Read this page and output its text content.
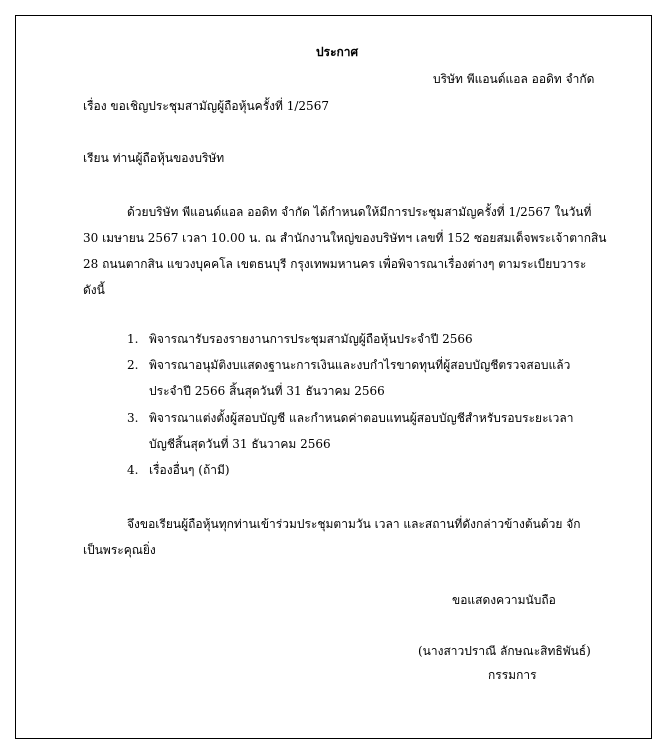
ประกาศ
บริษัท พีแอนด์แอล ออดิท จำกัด
เรื่อง ขอเชิญประชุมสามัญผู้ถือหุ้นครั้งที่ 1/2567
เรียน ท่านผู้ถือหุ้นของบริษัท
ด้วยบริษัท พีแอนด์แอล ออดิท จำกัด ได้กำหนดให้มีการประชุมสามัญครั้งที่ 1/2567 ในวันที่
30 เมษายน 2567 เวลา 10.00 น. ณ สำนักงานใหญ่ของบริษัทฯ เลขที่ 152 ซอยสมเด็จพระเจ้าตากสิน
28 ถนนตากสิน แขวงบุคคโล เขตธนบุรี กรุงเทพมหานคร เพื่อพิจารณาเรื่องต่างๆ ตามระเบียบวาระ
ดังนี้
1. พิจารณารับรองรายงานการประชุมสามัญผู้ถือหุ้นประจำปี 2566
2. พิจารณาอนุมัติงบแสดงฐานะการเงินและงบกำไรขาดทุนที่ผู้สอบบัญชีตรวจสอบแล้ว
ประจำปี 2566 สิ้นสุดวันที่ 31 ธันวาคม 2566
3. พิจารณาแต่งตั้งผู้สอบบัญชี และกำหนดค่าตอบแทนผู้สอบบัญชีสำหรับรอบระยะเวลา
บัญชีสิ้นสุดวันที่ 31 ธันวาคม 2566
4. เรื่องอื่นๆ (ถ้ามี)
จึงขอเรียนผู้ถือหุ้นทุกท่านเข้าร่วมประชุมตามวัน เวลา และสถานที่ดังกล่าวข้างต้นด้วย จัก
เป็นพระคุณยิ่ง
ขอแสดงความนับถือ
(นางสาวปราณี ลักษณะสิทธิพันธ์)
กรรมการ
